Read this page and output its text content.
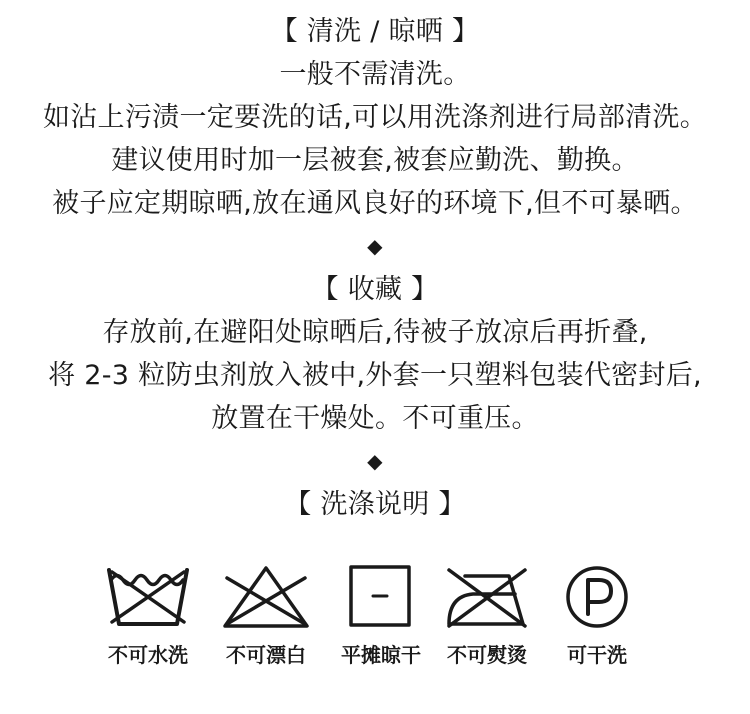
【 清洗 / 晾晒 】
一般不需清洗。
如沾上污渍一定要洗的话,可以用洗涤剂进行局部清洗。
建议使用时加一层被套,被套应勤洗、勤换。
被子应定期晾晒,放在通风良好的环境下,但不可暴晒。
◆
【 收藏 】
存放前,在避阳处晾晒后,待被子放凉后再折叠,
将 2-3 粒防虫剂放入被中,外套一只塑料包装代密封后,
放置在干燥处。不可重压。
◆
【 洗涤说明 】
不可水洗 不可漂白 平摊晾干 不可熨烫 可干洗
